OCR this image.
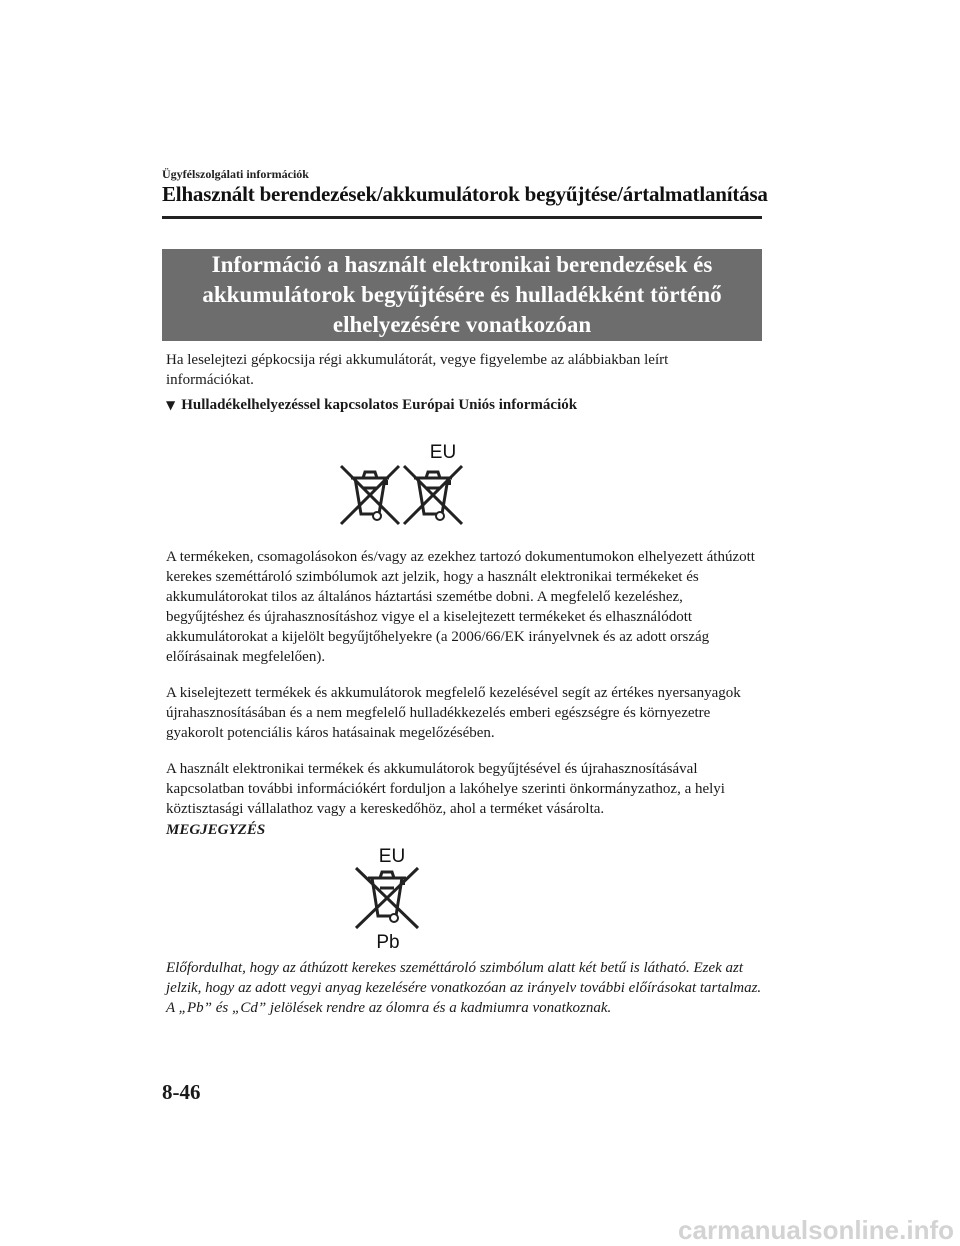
Ügyfélszolgálati információk
Elhasznált berendezések/akkumulátorok begyűjtése/ártalmatlanítása
Információ a használt elektronikai berendezések és akkumulátorok begyűjtésére és hulladékként történő elhelyezésére vonatkozóan
Ha leselejtezi gépkocsija régi akkumulátorát, vegye figyelembe az alábbiakban leírt információkat.
▼ Hulladékelhelyezéssel kapcsolatos Európai Uniós információk
EU
A termékeken, csomagolásokon és/vagy az ezekhez tartozó dokumentumokon elhelyezett áthúzott kerekes szeméttároló szimbólumok azt jelzik, hogy a használt elektronikai termékeket és akkumulátorokat tilos az általános háztartási szemétbe dobni. A megfelelő kezeléshez, begyűjtéshez és újrahasznosításhoz vigye el a kiselejtezett termékeket és elhasználódott akkumulátorokat a kijelölt begyűjtőhelyekre (a 2006/66/EK irányelvnek és az adott ország előírásainak megfelelően).
A kiselejtezett termékek és akkumulátorok megfelelő kezelésével segít az értékes nyersanyagok újrahasznosításában és a nem megfelelő hulladékkezelés emberi egészségre és környezetre gyakorolt potenciális káros hatásainak megelőzésében.
A használt elektronikai termékek és akkumulátorok begyűjtésével és újrahasznosításával kapcsolatban további információkért forduljon a lakóhelye szerinti önkormányzathoz, a helyi köztisztasági vállalathoz vagy a kereskedőhöz, ahol a terméket vásárolta.
MEGJEGYZÉS
EU
Pb
Előfordulhat, hogy az áthúzott kerekes szeméttároló szimbólum alatt két betű is látható. Ezek azt jelzik, hogy az adott vegyi anyag kezelésére vonatkozóan az irányelv további előírásokat tartalmaz.
A „Pb” és „Cd” jelölések rendre az ólomra és a kadmiumra vonatkoznak.
8-46
carmanualsonline.info
